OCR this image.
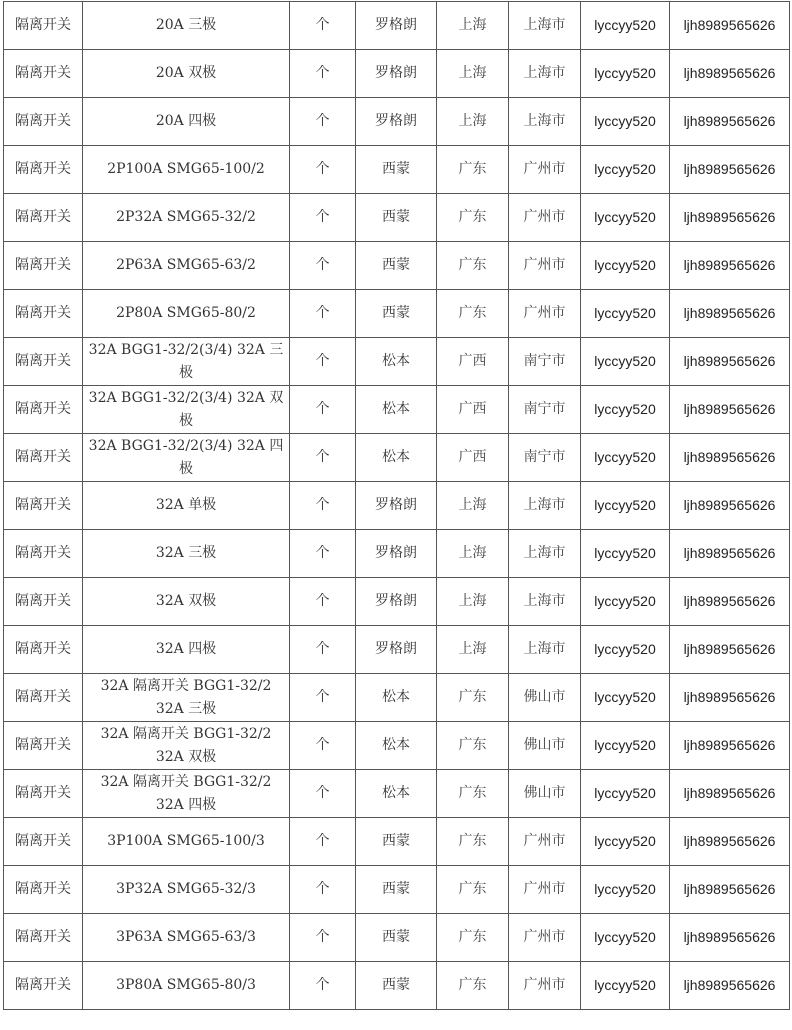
隔离开关	20A 三极	个	罗格朗	上海	上海市	lyccyy520	ljh8989565626
隔离开关	20A 双极	个	罗格朗	上海	上海市	lyccyy520	ljh8989565626
隔离开关	20A 四极	个	罗格朗	上海	上海市	lyccyy520	ljh8989565626
隔离开关	2P100A SMG65-100/2	个	西蒙	广东	广州市	lyccyy520	ljh8989565626
隔离开关	2P32A SMG65-32/2	个	西蒙	广东	广州市	lyccyy520	ljh8989565626
隔离开关	2P63A SMG65-63/2	个	西蒙	广东	广州市	lyccyy520	ljh8989565626
隔离开关	2P80A SMG65-80/2	个	西蒙	广东	广州市	lyccyy520	ljh8989565626
隔离开关	32A BGG1-32/2(3/4) 32A 三极	个	松本	广西	南宁市	lyccyy520	ljh8989565626
隔离开关	32A BGG1-32/2(3/4) 32A 双极	个	松本	广西	南宁市	lyccyy520	ljh8989565626
隔离开关	32A BGG1-32/2(3/4) 32A 四极	个	松本	广西	南宁市	lyccyy520	ljh8989565626
隔离开关	32A 单极	个	罗格朗	上海	上海市	lyccyy520	ljh8989565626
隔离开关	32A 三极	个	罗格朗	上海	上海市	lyccyy520	ljh8989565626
隔离开关	32A 双极	个	罗格朗	上海	上海市	lyccyy520	ljh8989565626
隔离开关	32A 四极	个	罗格朗	上海	上海市	lyccyy520	ljh8989565626
隔离开关	32A 隔离开关 BGG1-32/2 32A 三极	个	松本	广东	佛山市	lyccyy520	ljh8989565626
隔离开关	32A 隔离开关 BGG1-32/2 32A 双极	个	松本	广东	佛山市	lyccyy520	ljh8989565626
隔离开关	32A 隔离开关 BGG1-32/2 32A 四极	个	松本	广东	佛山市	lyccyy520	ljh8989565626
隔离开关	3P100A SMG65-100/3	个	西蒙	广东	广州市	lyccyy520	ljh8989565626
隔离开关	3P32A SMG65-32/3	个	西蒙	广东	广州市	lyccyy520	ljh8989565626
隔离开关	3P63A SMG65-63/3	个	西蒙	广东	广州市	lyccyy520	ljh8989565626
隔离开关	3P80A SMG65-80/3	个	西蒙	广东	广州市	lyccyy520	ljh8989565626
